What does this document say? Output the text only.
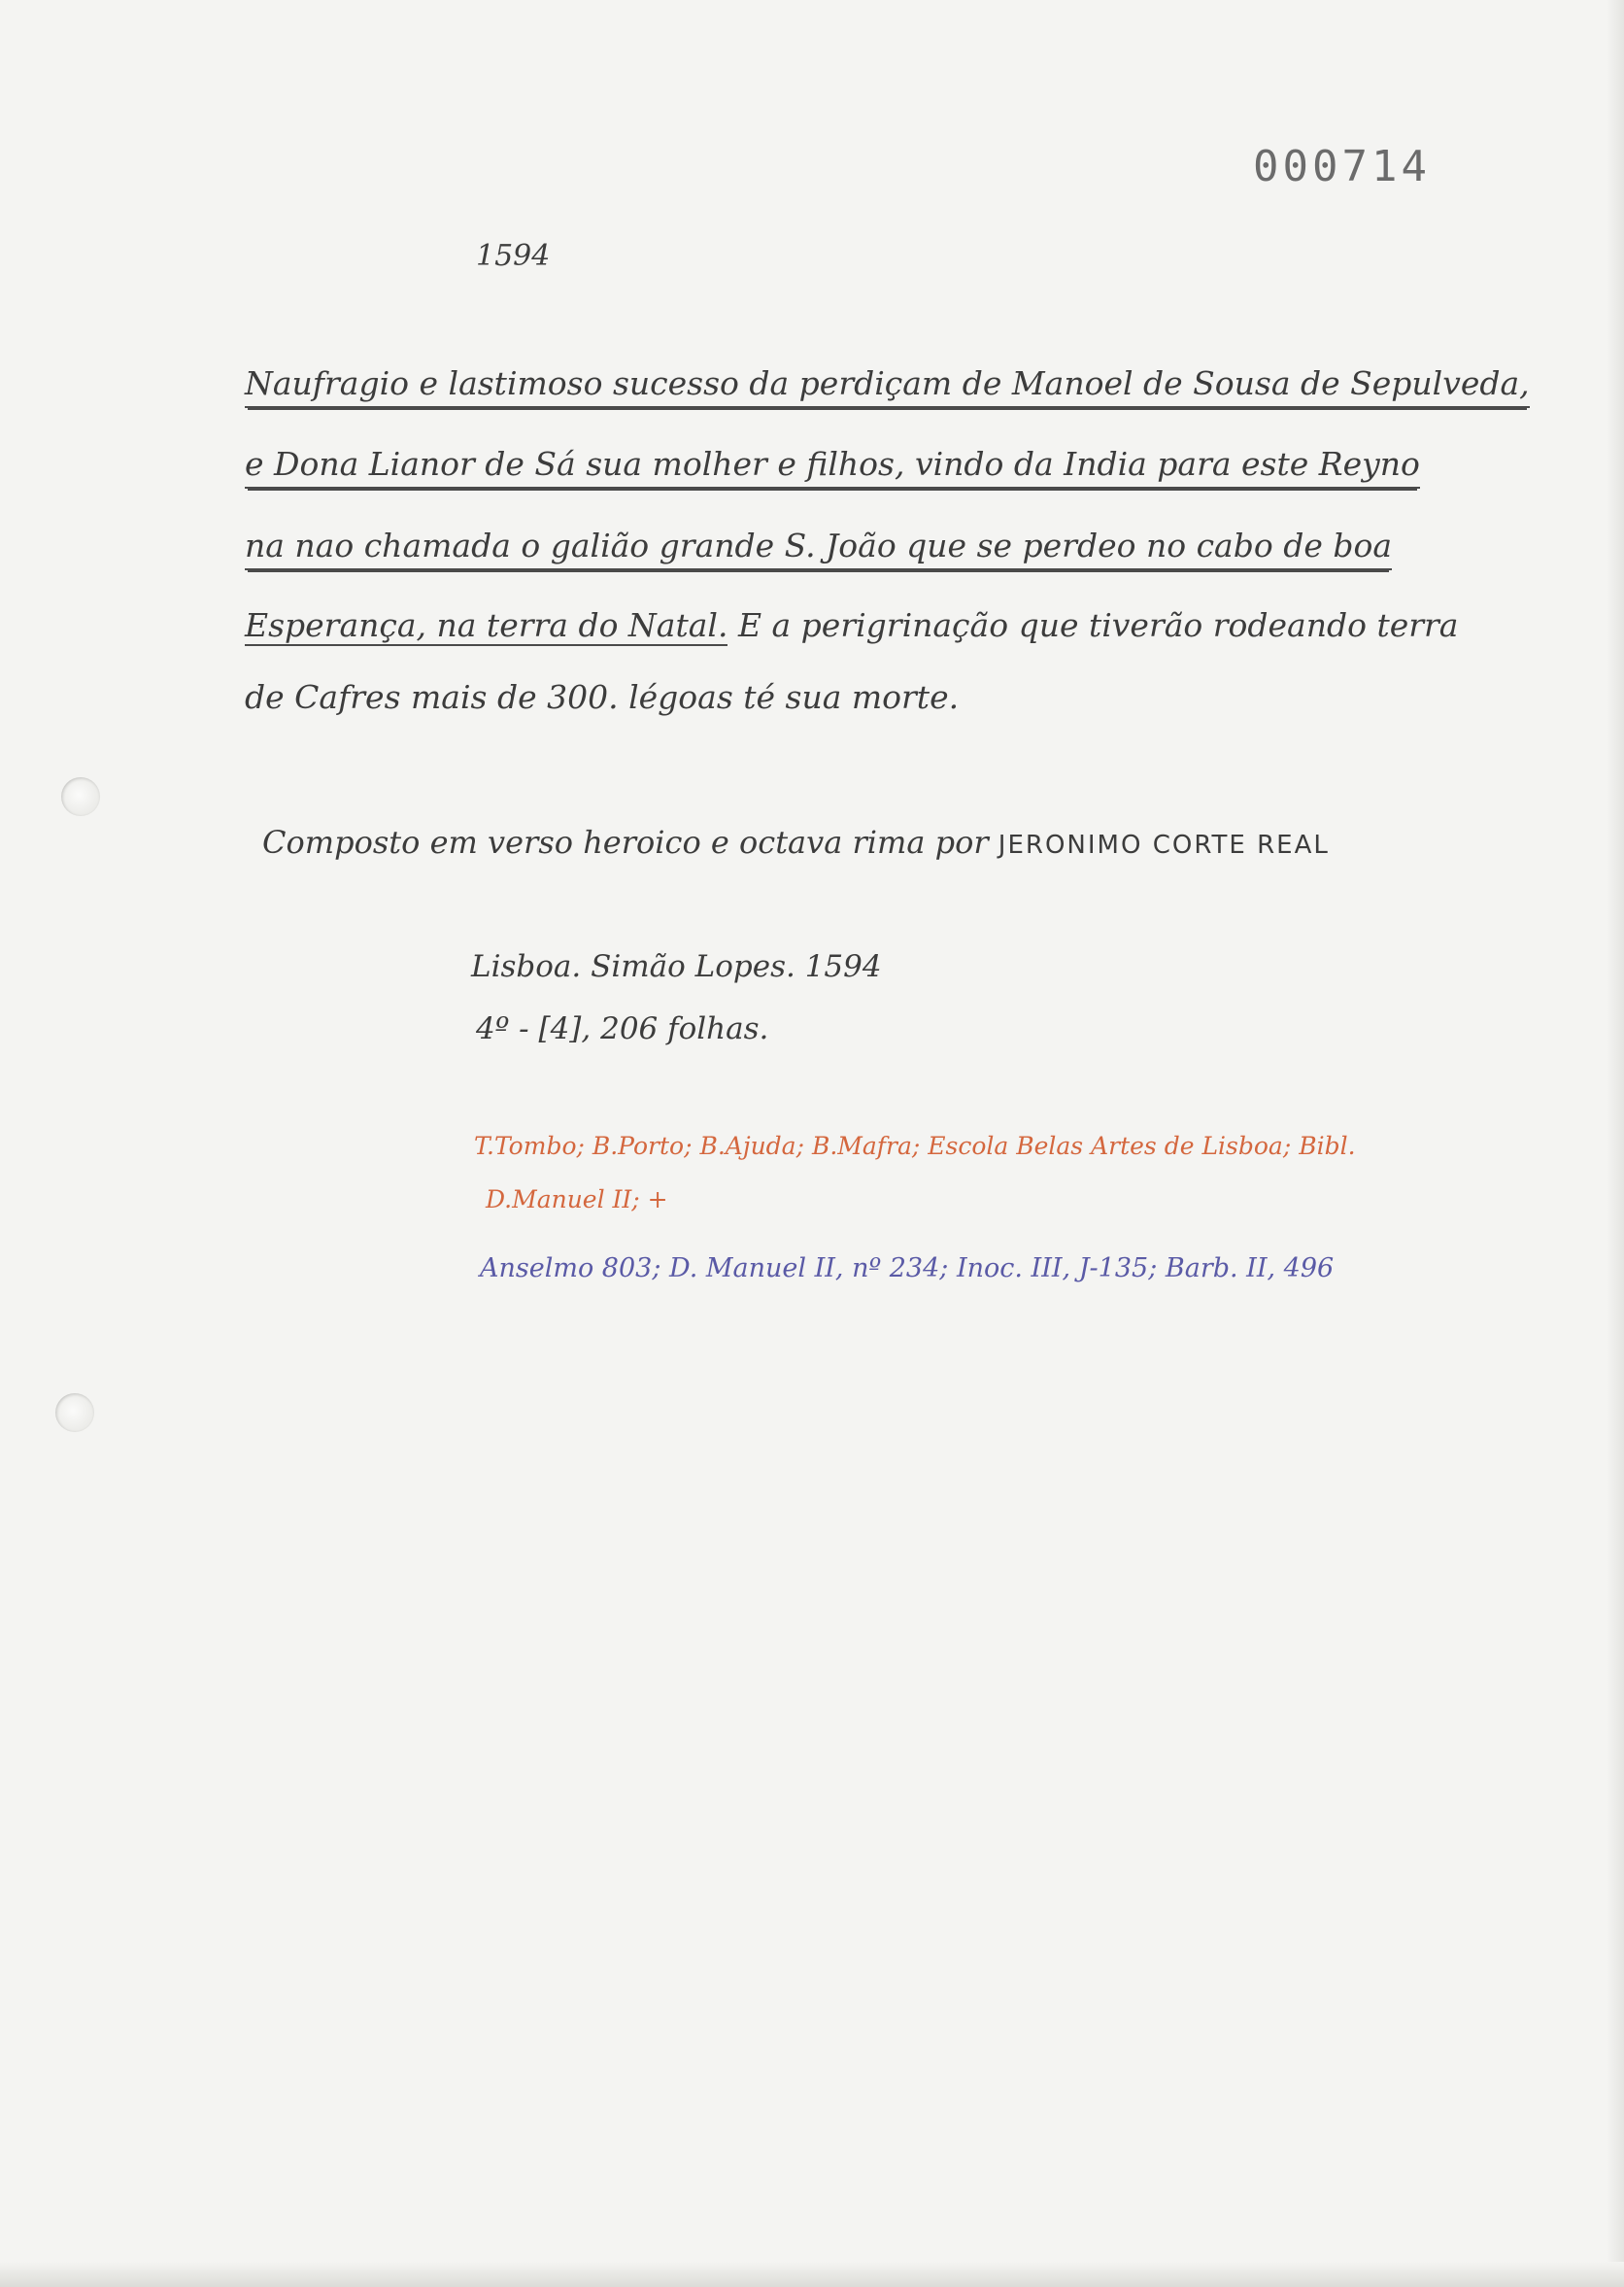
000714
1594
Naufragio e lastimoso sucesso da perdiçam de Manoel de Sousa de Sepulveda,
e Dona Lianor de Sá sua molher e filhos, vindo da India para este Reyno
na nao chamada o galião grande S. João que se perdeo no cabo de boa
Esperança, na terra do Natal. E a perigrinação que tiverão rodeando terra
de Cafres mais de 300. légoas té sua morte.
Composto em verso heroico e octava rima por JERONIMO CORTE REAL
Lisboa. Simão Lopes. 1594
4º - [4], 206 folhas.
T.Tombo; B.Porto; B.Ajuda; B.Mafra; Escola Belas Artes de Lisboa; Bibl.
D.Manuel II; +
Anselmo 803; D. Manuel II, nº 234; Inoc. III, J-135; Barb. II, 496
